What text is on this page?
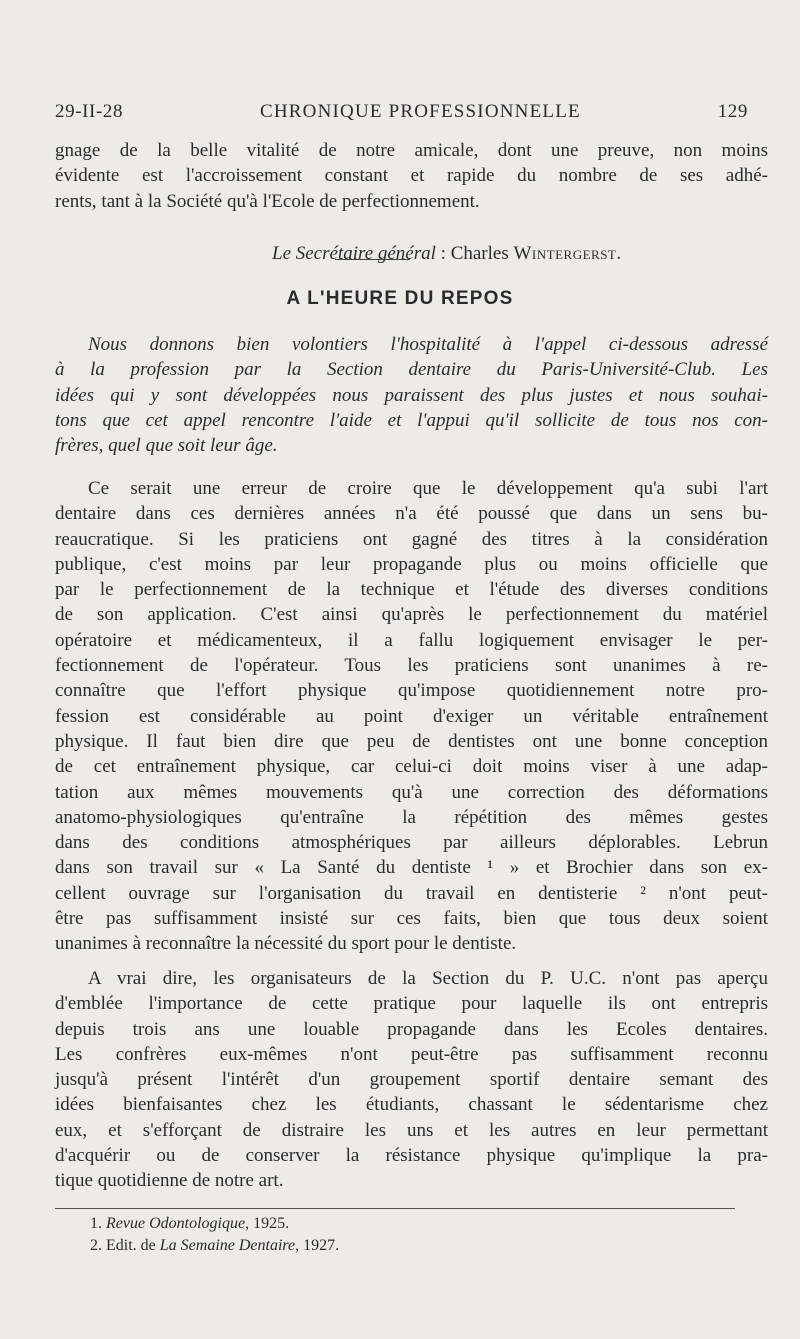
29-II-28	CHRONIQUE PROFESSIONNELLE	129
gnage de la belle vitalité de notre amicale, dont une preuve, non moins
évidente est l'accroissement constant et rapide du nombre de ses adhé-
rents, tant à la Société qu'à l'Ecole de perfectionnement.
Le Secrétaire général : Charles Wintergerst.
A L'HEURE DU REPOS
Nous donnons bien volontiers l'hospitalité à l'appel ci-dessous adressé
à la profession par la Section dentaire du Paris-Université-Club. Les
idées qui y sont développées nous paraissent des plus justes et nous souhai-
tons que cet appel rencontre l'aide et l'appui qu'il sollicite de tous nos con-
frères, quel que soit leur âge.
Ce serait une erreur de croire que le développement qu'a subi l'art
dentaire dans ces dernières années n'a été poussé que dans un sens bu-
reaucratique. Si les praticiens ont gagné des titres à la considération
publique, c'est moins par leur propagande plus ou moins officielle que
par le perfectionnement de la technique et l'étude des diverses conditions
de son application. C'est ainsi qu'après le perfectionnement du matériel
opératoire et médicamenteux, il a fallu logiquement envisager le per-
fectionnement de l'opérateur. Tous les praticiens sont unanimes à re-
connaître que l'effort physique qu'impose quotidiennement notre pro-
fession est considérable au point d'exiger un véritable entraînement
physique. Il faut bien dire que peu de dentistes ont une bonne conception
de cet entraînement physique, car celui-ci doit moins viser à une adap-
tation aux mêmes mouvements qu'à une correction des déformations
anatomo-physiologiques qu'entraîne la répétition des mêmes gestes
dans des conditions atmosphériques par ailleurs déplorables. Lebrun
dans son travail sur « La Santé du dentiste ¹ » et Brochier dans son ex-
cellent ouvrage sur l'organisation du travail en dentisterie ² n'ont peut-
être pas suffisamment insisté sur ces faits, bien que tous deux soient
unanimes à reconnaître la nécessité du sport pour le dentiste.
A vrai dire, les organisateurs de la Section du P. U.C. n'ont pas aperçu
d'emblée l'importance de cette pratique pour laquelle ils ont entrepris
depuis trois ans une louable propagande dans les Ecoles dentaires.
Les confrères eux-mêmes n'ont peut-être pas suffisamment reconnu
jusqu'à présent l'intérêt d'un groupement sportif dentaire semant des
idées bienfaisantes chez les étudiants, chassant le sédentarisme chez
eux, et s'efforçant de distraire les uns et les autres en leur permettant
d'acquérir ou de conserver la résistance physique qu'implique la pra-
tique quotidienne de notre art.
1. Revue Odontologique, 1925.
2. Edit. de La Semaine Dentaire, 1927.
